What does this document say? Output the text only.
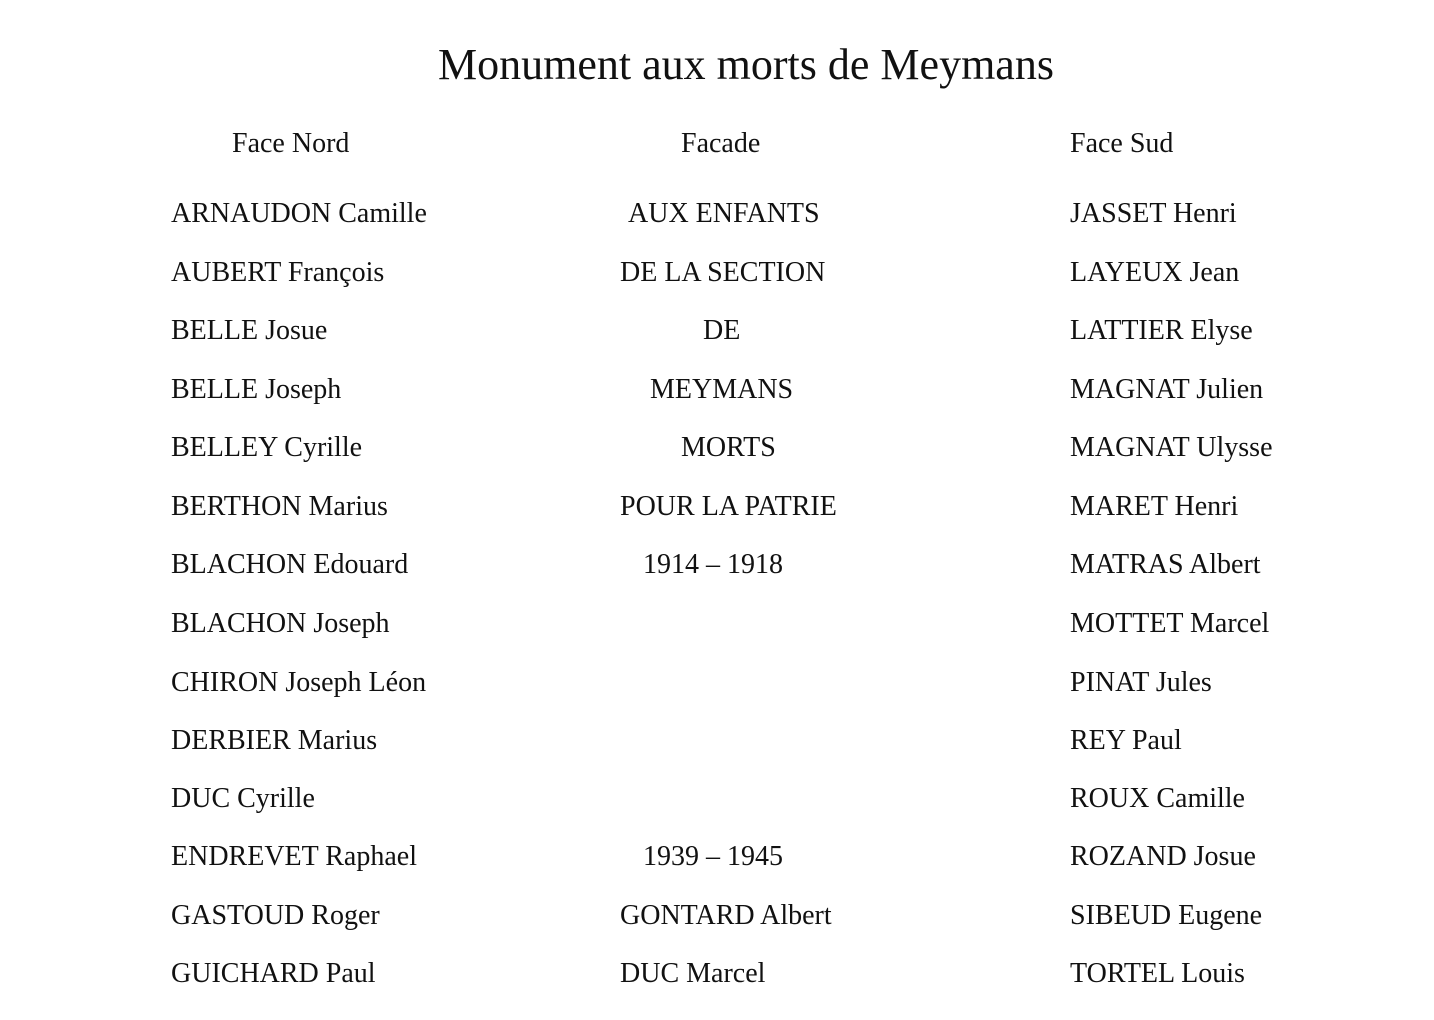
Monument aux morts de Meymans
Face Nord	Facade	Face Sud
ARNAUDON Camille
AUBERT François
BELLE Josue
BELLE Joseph
BELLEY Cyrille
BERTHON Marius
BLACHON Edouard
BLACHON Joseph
CHIRON Joseph Léon
DERBIER Marius
DUC Cyrille
ENDREVET Raphael
GASTOUD Roger
GUICHARD Paul
AUX ENFANTS
DE LA SECTION
DE
MEYMANS
MORTS
POUR LA PATRIE
1914 – 1918
1939 – 1945
GONTARD Albert
DUC Marcel
JASSET Henri
LAYEUX Jean
LATTIER Elyse
MAGNAT Julien
MAGNAT Ulysse
MARET Henri
MATRAS Albert
MOTTET Marcel
PINAT Jules
REY Paul
ROUX Camille
ROZAND Josue
SIBEUD Eugene
TORTEL Louis
